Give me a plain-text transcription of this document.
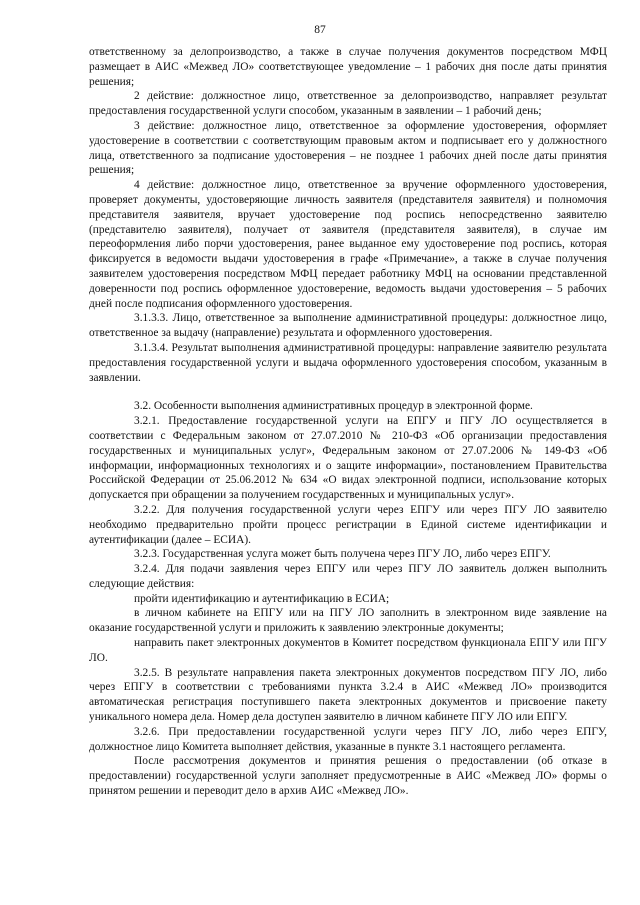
87

ответственному за делопроизводство, а также в случае получения документов посредством МФЦ размещает в АИС «Межвед ЛО» соответствующее уведомление – 1 рабочих дня после даты принятия решения;

2 действие: должностное лицо, ответственное за делопроизводство, направляет результат предоставления государственной услуги способом, указанным в заявлении – 1 рабочий день;

3 действие: должностное лицо, ответственное за оформление удостоверения, оформляет удостоверение в соответствии с соответствующим правовым актом и подписывает его у должностного лица, ответственного за подписание удостоверения – не позднее 1 рабочих дней после даты принятия решения;

4 действие: должностное лицо, ответственное за вручение оформленного удостоверения, проверяет документы, удостоверяющие личность заявителя (представителя заявителя) и полномочия представителя заявителя, вручает удостоверение под роспись непосредственно заявителю (представителю заявителя), получает от заявителя (представителя заявителя), в случае им переоформления либо порчи удостоверения, ранее выданное ему удостоверение под роспись, которая фиксируется в ведомости выдачи удостоверения в графе «Примечание», а также в случае получения заявителем удостоверения посредством МФЦ передает работнику МФЦ на основании представленной доверенности под роспись оформленное удостоверение, ведомость выдачи удостоверения – 5 рабочих дней после подписания оформленного удостоверения.

3.1.3.3. Лицо, ответственное за выполнение административной процедуры: должностное лицо, ответственное за выдачу (направление) результата и оформленного удостоверения.

3.1.3.4. Результат выполнения административной процедуры: направление заявителю результата предоставления государственной услуги и выдача оформленного удостоверения способом, указанным в заявлении.

3.2. Особенности выполнения административных процедур в электронной форме.

3.2.1. Предоставление государственной услуги на ЕПГУ и ПГУ ЛО осуществляется в соответствии с Федеральным законом от 27.07.2010 № 210-ФЗ «Об организации предоставления государственных и муниципальных услуг», Федеральным законом от 27.07.2006 № 149-ФЗ «Об информации, информационных технологиях и о защите информации», постановлением Правительства Российской Федерации от 25.06.2012 № 634 «О видах электронной подписи, использование которых допускается при обращении за получением государственных и муниципальных услуг».

3.2.2. Для получения государственной услуги через ЕПГУ или через ПГУ ЛО заявителю необходимо предварительно пройти процесс регистрации в Единой системе идентификации и аутентификации (далее – ЕСИА).

3.2.3. Государственная услуга может быть получена через ПГУ ЛО, либо через ЕПГУ.

3.2.4. Для подачи заявления через ЕПГУ или через ПГУ ЛО заявитель должен выполнить следующие действия:

пройти идентификацию и аутентификацию в ЕСИА;

в личном кабинете на ЕПГУ или на ПГУ ЛО заполнить в электронном виде заявление на оказание государственной услуги и приложить к заявлению электронные документы;

направить пакет электронных документов в Комитет посредством функционала ЕПГУ или ПГУ ЛО.

3.2.5. В результате направления пакета электронных документов посредством ПГУ ЛО, либо через ЕПГУ в соответствии с требованиями пункта 3.2.4 в АИС «Межвед ЛО» производится автоматическая регистрация поступившего пакета электронных документов и присвоение пакету уникального номера дела. Номер дела доступен заявителю в личном кабинете ПГУ ЛО или ЕПГУ.

3.2.6. При предоставлении государственной услуги через ПГУ ЛО, либо через ЕПГУ, должностное лицо Комитета выполняет действия, указанные в пункте 3.1 настоящего регламента.

После рассмотрения документов и принятия решения о предоставлении (об отказе в предоставлении) государственной услуги заполняет предусмотренные в АИС «Межвед ЛО» формы о принятом решении и переводит дело в архив АИС «Межвед ЛО».
